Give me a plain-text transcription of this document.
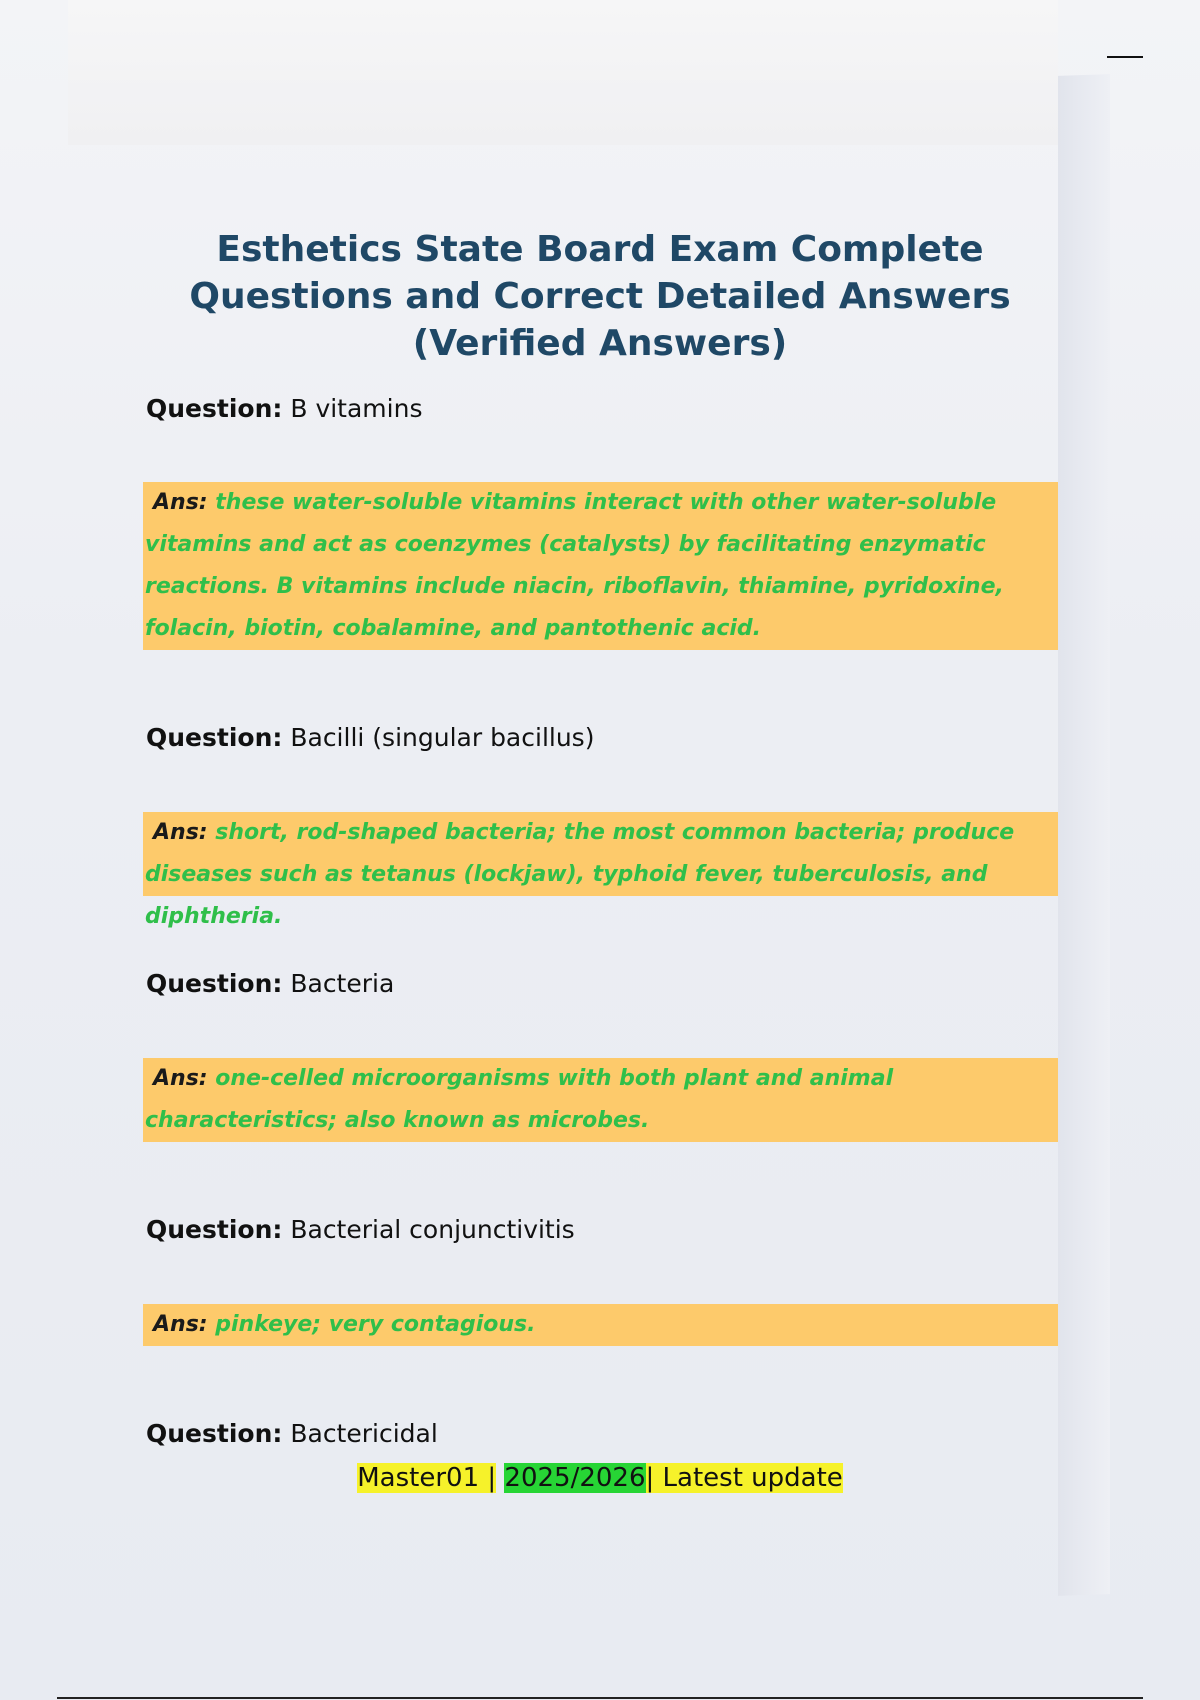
Esthetics State Board Exam Complete Questions and Correct Detailed Answers (Verified Answers)
Question: B vitamins
Ans: these water-soluble vitamins interact with other water-soluble vitamins and act as coenzymes (catalysts) by facilitating enzymatic reactions. B vitamins include niacin, riboflavin, thiamine, pyridoxine, folacin, biotin, cobalamine, and pantothenic acid.
Question: Bacilli (singular bacillus)
Ans: short, rod-shaped bacteria; the most common bacteria; produce diseases such as tetanus (lockjaw), typhoid fever, tuberculosis, and diphtheria.
Question: Bacteria
Ans: one-celled microorganisms with both plant and animal characteristics; also known as microbes.
Question: Bacterial conjunctivitis
Ans: pinkeye; very contagious.
Question: Bactericidal
Master01 | 2025/2026| Latest update
